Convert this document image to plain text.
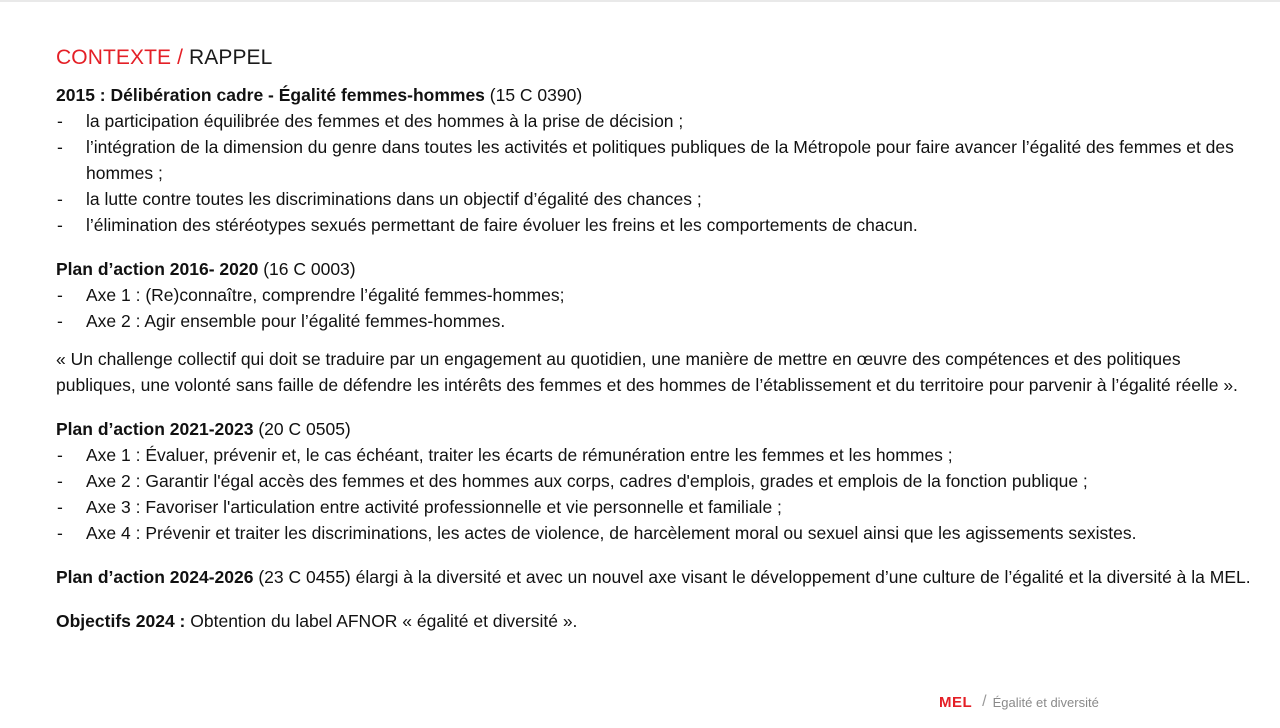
CONTEXTE / RAPPEL

2015 : Délibération cadre - Égalité femmes-hommes (15 C 0390)

- la participation équilibrée des femmes et des hommes à la prise de décision ;
- l’intégration de la dimension du genre dans toutes les activités et politiques publiques de la Métropole pour faire avancer l’égalité des femmes et des hommes ;
- la lutte contre toutes les discriminations dans un objectif d’égalité des chances ;
- l’élimination des stéréotypes sexués permettant de faire évoluer les freins et les comportements de chacun.

Plan d’action 2016- 2020 (16 C 0003)

- Axe 1 : (Re)connaître, comprendre l’égalité femmes-hommes;
- Axe 2 : Agir ensemble pour l’égalité femmes-hommes.

« Un challenge collectif qui doit se traduire par un engagement au quotidien, une manière de mettre en œuvre des compétences et des politiques publiques, une volonté sans faille de défendre les intérêts des femmes et des hommes de l’établissement et du territoire pour parvenir à l’égalité réelle ».

Plan d’action 2021-2023 (20 C 0505)

- Axe 1 : Évaluer, prévenir et, le cas échéant, traiter les écarts de rémunération entre les femmes et les hommes ;
- Axe 2 : Garantir l'égal accès des femmes et des hommes aux corps, cadres d'emplois, grades et emplois de la fonction publique ;
- Axe 3 : Favoriser l'articulation entre activité professionnelle et vie personnelle et familiale ;
- Axe 4 : Prévenir et traiter les discriminations, les actes de violence, de harcèlement moral ou sexuel ainsi que les agissements sexistes.

Plan d’action 2024-2026 (23 C 0455) élargi à la diversité et avec un nouvel axe visant le développement d’une culture de l’égalité et la diversité à la MEL.

Objectifs 2024 : Obtention du label AFNOR « égalité et diversité ».

MEL / Égalité et diversité
